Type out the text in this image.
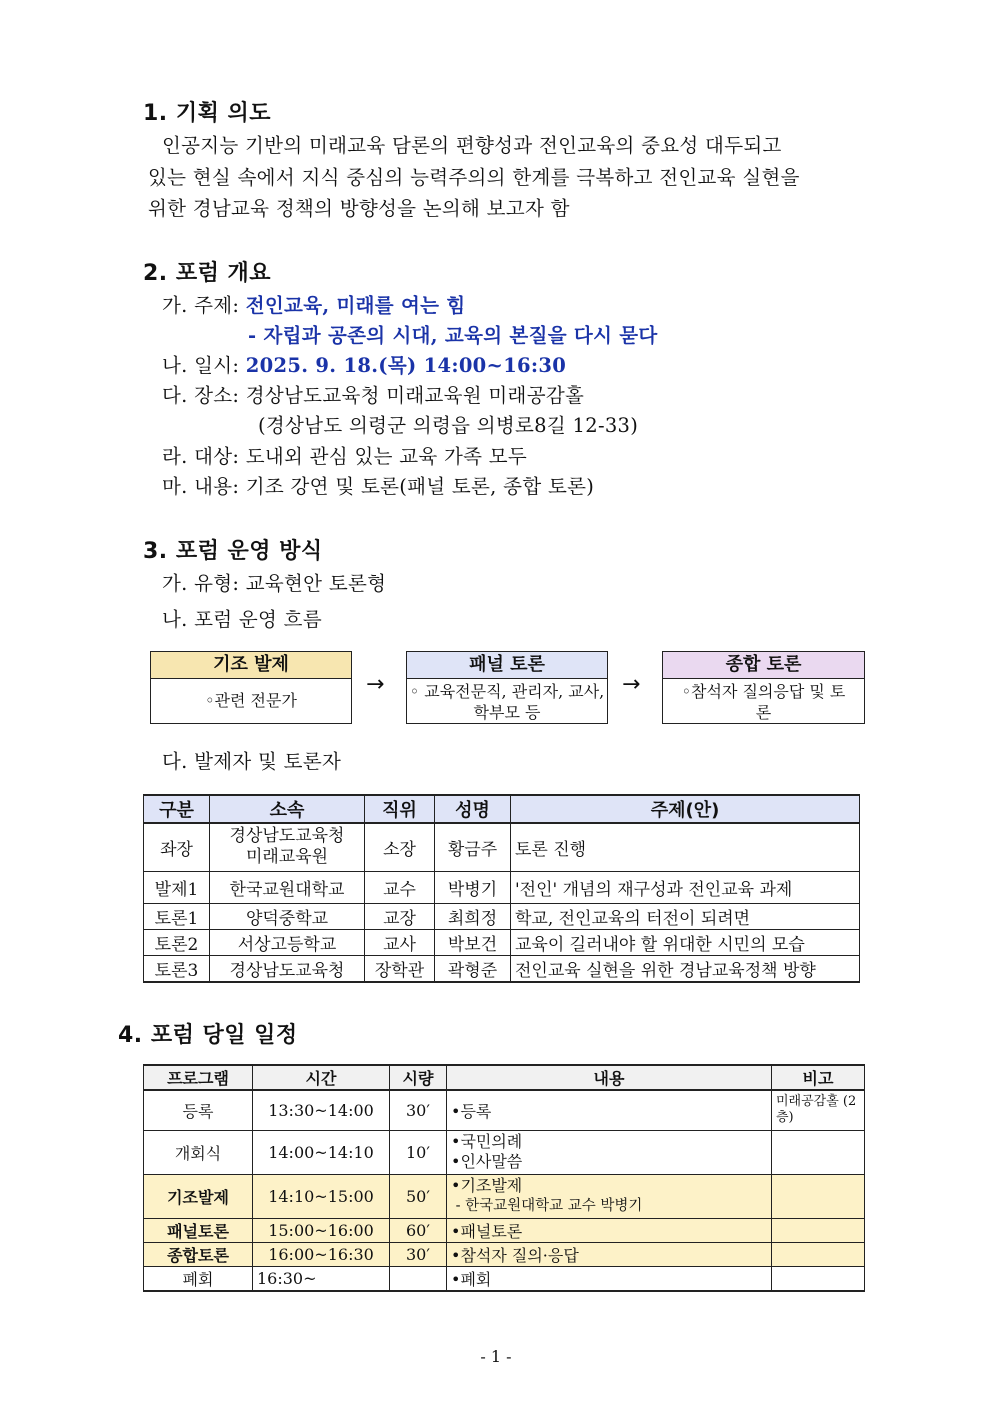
1. 기획 의도
인공지능 기반의 미래교육 담론의 편향성과 전인교육의 중요성 대두되고
있는 현실 속에서 지식 중심의 능력주의의 한계를 극복하고 전인교육 실현을
위한 경남교육 정책의 방향성을 논의해 보고자 함
2. 포럼 개요
가. 주제: 전인교육, 미래를 여는 힘
- 자립과 공존의 시대, 교육의 본질을 다시 묻다
나. 일시: 2025. 9. 18.(목) 14:00~16:30
다. 장소: 경상남도교육청 미래교육원 미래공감홀
(경상남도 의령군 의령읍 의병로8길 12-33)
라. 대상: 도내외 관심 있는 교육 가족 모두
마. 내용: 기조 강연 및 토론(패널 토론, 종합 토론)
3. 포럼 운영 방식
가. 유형: 교육현안 토론형
나. 포럼 운영 흐름
기조 발제
◦관련 전문가
→
패널 토론
◦ 교육전문직, 관리자, 교사, 학부모 등
→
종합 토론
◦참석자 질의응답 및 토론
다. 발제자 및 토론자
구분	소속	직위	성명	주제(안)
좌장	경상남도교육청
미래교육원	소장	황금주	토론 진행
발제1	한국교원대학교	교수	박병기	'전인' 개념의 재구성과 전인교육 과제
토론1	양덕중학교	교장	최희정	학교, 전인교육의 터전이 되려면
토론2	서상고등학교	교사	박보건	교육이 길러내야 할 위대한 시민의 모습
토론3	경상남도교육청	장학관	곽형준	전인교육 실현을 위한 경남교육정책 방향
4. 포럼 당일 일정
프로그램	시간	시량	내용	비고
등록	13:30~14:00	30′	•등록	미래공감홀 (2층)
개회식	14:00~14:10	10′	•국민의례
•인사말씀	

기조발제	14:10~15:00	50′	•기조발제
- 한국교원대학교 교수 박병기	

패널토론	15:00~16:00	60′	•패널토론	
종합토론	16:00~16:30	30′	•참석자 질의·응답	
폐회	16:30~		•폐회	
- 1 -
